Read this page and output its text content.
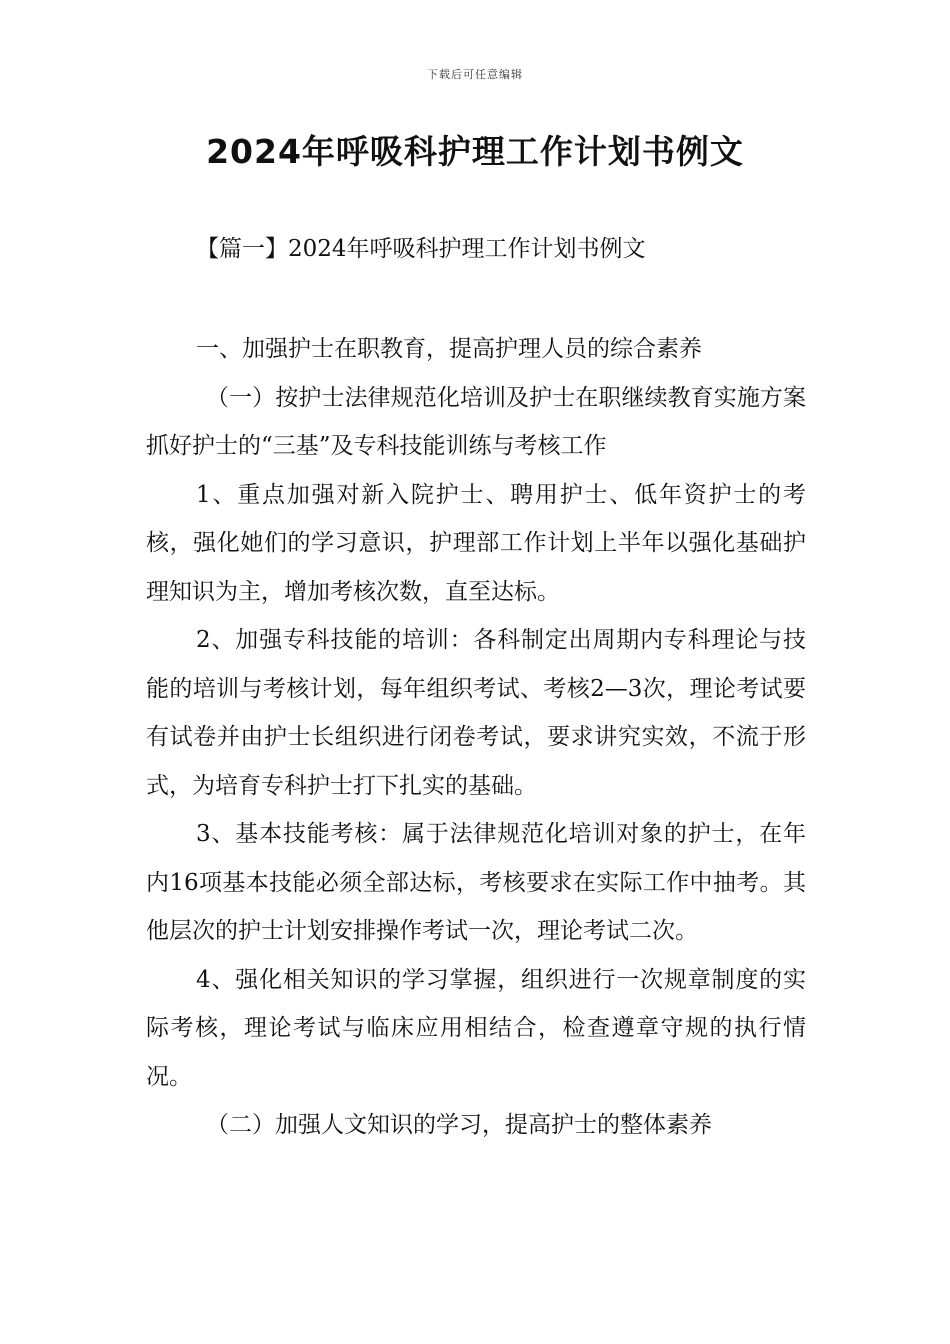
下载后可任意编辑
2024年呼吸科护理工作计划书例文
【篇一】2024年呼吸科护理工作计划书例文

一、加强护士在职教育，提高护理人员的综合素养

（一）按护士法律规范化培训及护士在职继续教育实施方案抓好护士的“三基”及专科技能训练与考核工作

1、重点加强对新入院护士、聘用护士、低年资护士的考核，强化她们的学习意识，护理部工作计划上半年以强化基础护理知识为主，增加考核次数，直至达标。

2、加强专科技能的培训：各科制定出周期内专科理论与技能的培训与考核计划，每年组织考试、考核2—3次，理论考试要有试卷并由护士长组织进行闭卷考试，要求讲究实效，不流于形式，为培育专科护士打下扎实的基础。

3、基本技能考核：属于法律规范化培训对象的护士，在年内16项基本技能必须全部达标，考核要求在实际工作中抽考。其他层次的护士计划安排操作考试一次，理论考试二次。

4、强化相关知识的学习掌握，组织进行一次规章制度的实际考核，理论考试与临床应用相结合，检查遵章守规的执行情况。

（二）加强人文知识的学习，提高护士的整体素养
